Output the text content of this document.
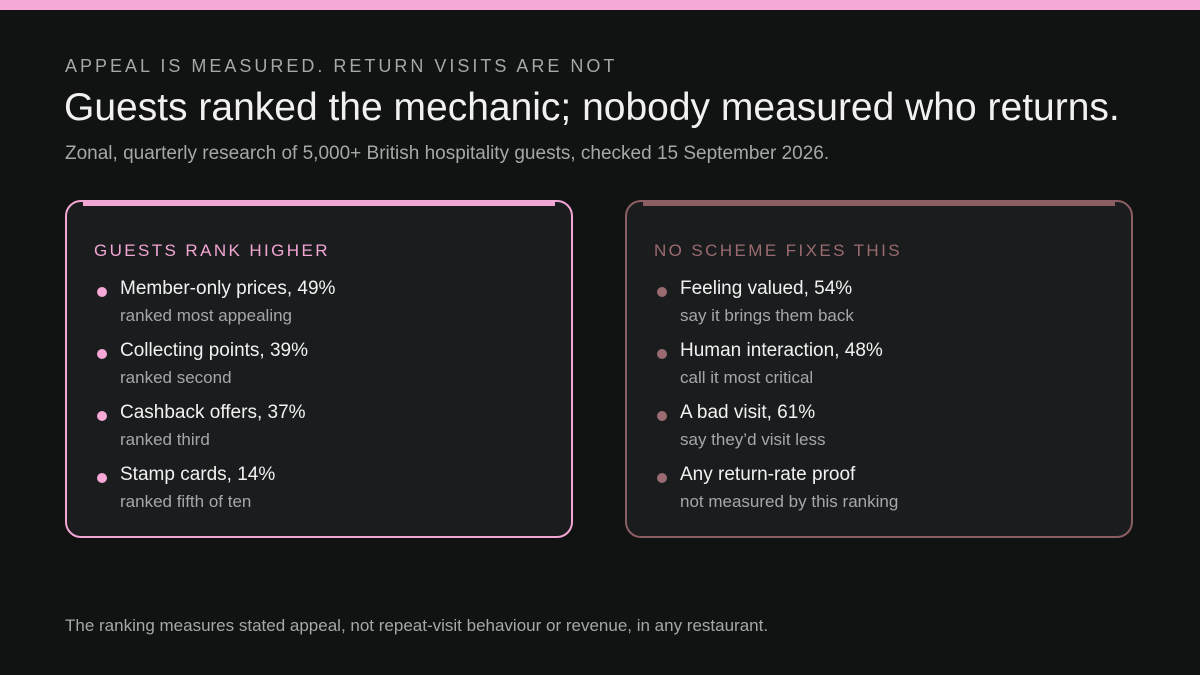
APPEAL IS MEASURED. RETURN VISITS ARE NOT
Guests ranked the mechanic; nobody measured who returns.
Zonal, quarterly research of 5,000+ British hospitality guests, checked 15 September 2026.
GUESTS RANK HIGHER
Member-only prices, 49%
ranked most appealing
Collecting points, 39%
ranked second
Cashback offers, 37%
ranked third
Stamp cards, 14%
ranked fifth of ten
NO SCHEME FIXES THIS
Feeling valued, 54%
say it brings them back
Human interaction, 48%
call it most critical
A bad visit, 61%
say they’d visit less
Any return-rate proof
not measured by this ranking
The ranking measures stated appeal, not repeat-visit behaviour or revenue, in any restaurant.
